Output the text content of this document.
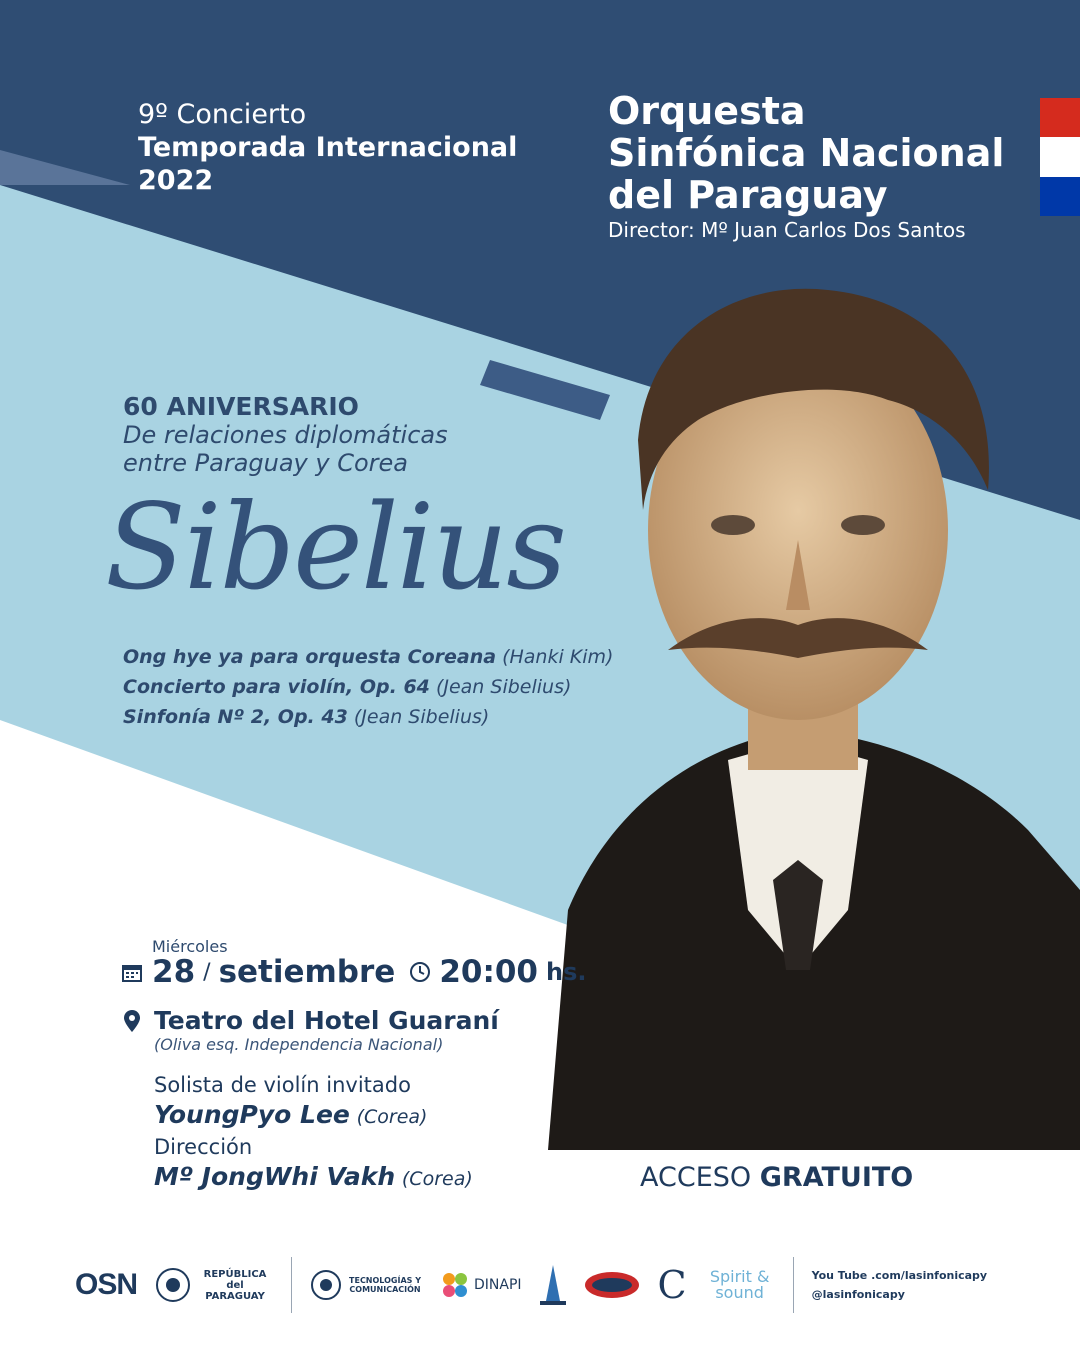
9º Concierto
Temporada Internacional
2022
Orquesta
Sinfónica Nacional
del Paraguay
Director: Mº Juan Carlos Dos Santos
60 ANIVERSARIO
De relaciones diplomáticas
entre Paraguay y Corea
Sibelius
Ong hye ya para orquesta Coreana (Hanki Kim)
Concierto para violín, Op. 64 (Jean Sibelius)
Sinfonía Nº 2, Op. 43 (Jean Sibelius)
Miércoles
28 / setiembre 20:00 hs.
Teatro del Hotel Guaraní
(Oliva esq. Independencia Nacional)
Solista de violín invitado
YoungPyo Lee (Corea)
Dirección
Mº JongWhi Vakh (Corea)	ACCESO GRATUITO
OSN	REPÚBLICA del PARAGUAY
TECNOLOGÍAS Y COMUNICACIÓN	DINAPI	C	Spirit & sound
You Tube .com/lasinfonicapy
@lasinfonicapy
